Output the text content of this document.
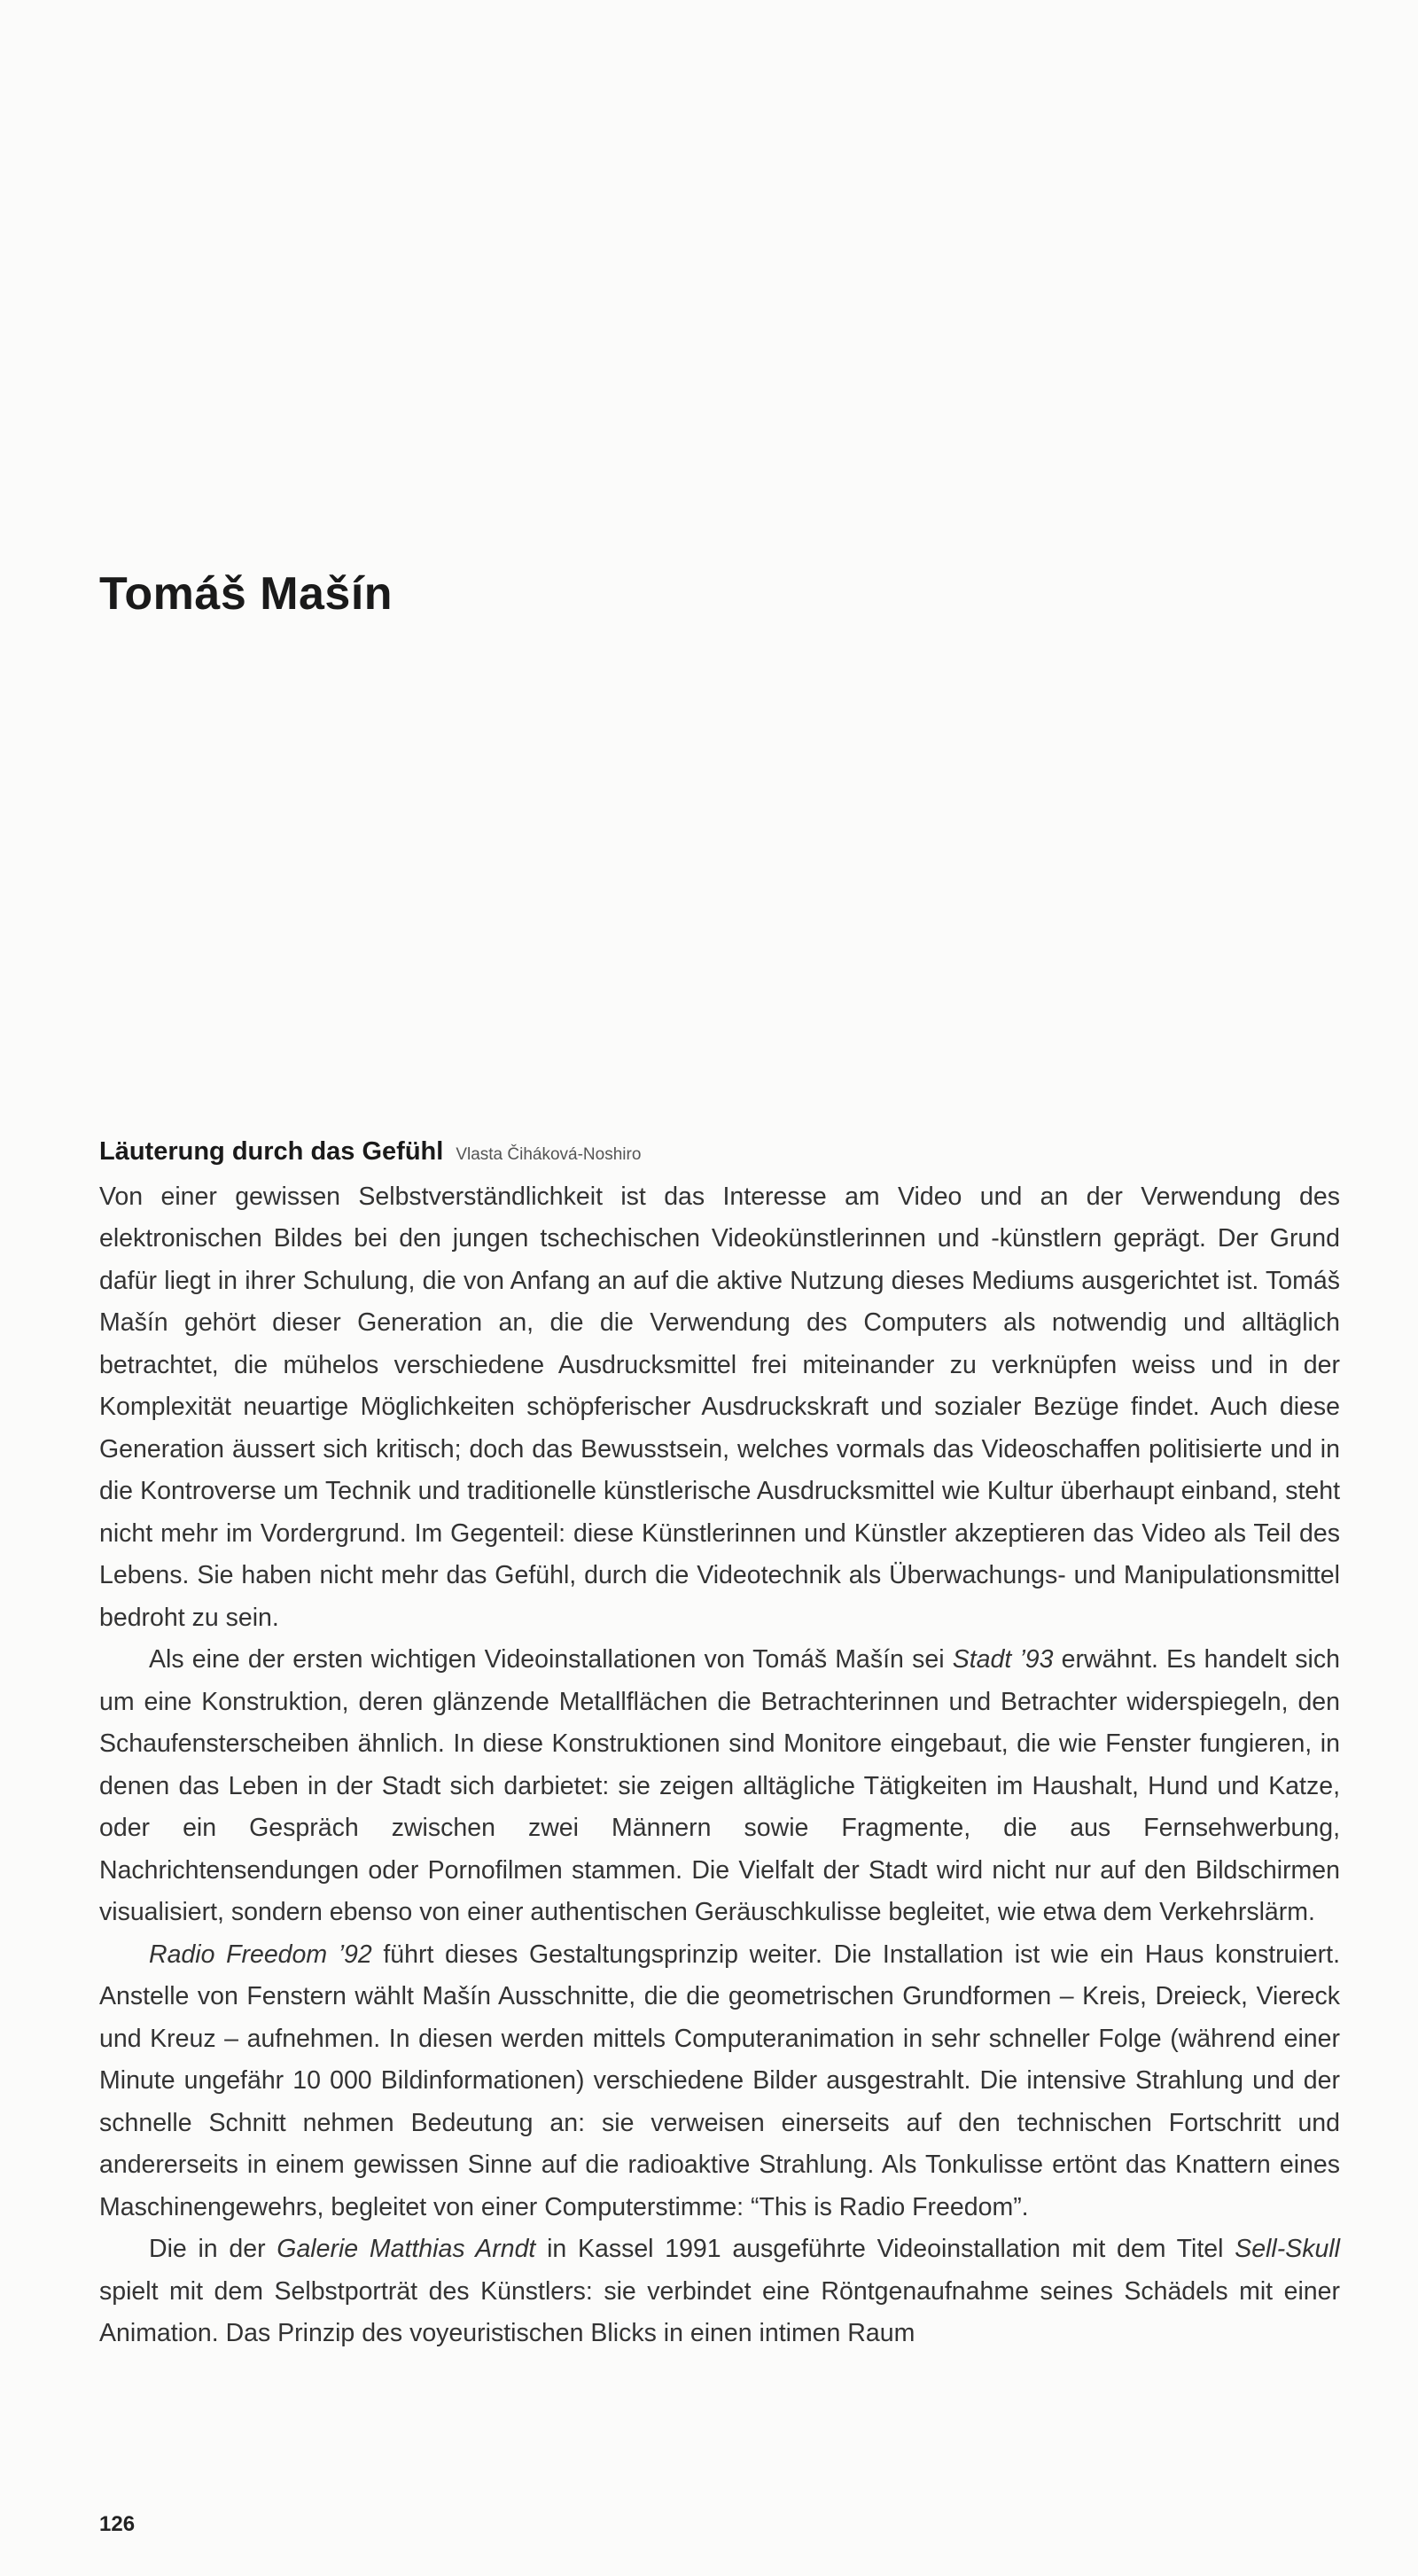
Tomáš Mašín

Läuterung durch das Gefühl Vlasta Čiháková-Noshiro

Von einer gewissen Selbstverständlichkeit ist das Interesse am Video und an der Verwendung des elektronischen Bildes bei den jungen tschechischen Videokünstlerinnen und -künstlern geprägt. Der Grund dafür liegt in ihrer Schulung, die von Anfang an auf die aktive Nutzung dieses Mediums ausgerichtet ist. Tomáš Mašín gehört dieser Generation an, die die Verwendung des Computers als notwendig und alltäglich betrachtet, die mühelos verschiedene Ausdrucksmittel frei miteinander zu verknüpfen weiss und in der Komplexität neuartige Möglichkeiten schöpferischer Ausdruckskraft und sozialer Bezüge findet. Auch diese Generation äussert sich kritisch; doch das Bewusstsein, welches vormals das Videoschaffen politisierte und in die Kontroverse um Technik und traditionelle künstlerische Ausdrucksmittel wie Kultur überhaupt einband, steht nicht mehr im Vordergrund. Im Gegenteil: diese Künstlerinnen und Künstler akzeptieren das Video als Teil des Lebens. Sie haben nicht mehr das Gefühl, durch die Videotechnik als Überwachungs- und Manipulationsmittel bedroht zu sein.

Als eine der ersten wichtigen Videoinstallationen von Tomáš Mašín sei Stadt ’93 erwähnt. Es handelt sich um eine Konstruktion, deren glänzende Metallflächen die Betrachterinnen und Betrachter widerspiegeln, den Schaufensterscheiben ähnlich. In diese Konstruktionen sind Monitore eingebaut, die wie Fenster fungieren, in denen das Leben in der Stadt sich darbietet: sie zeigen alltägliche Tätigkeiten im Haushalt, Hund und Katze, oder ein Gespräch zwischen zwei Männern sowie Fragmente, die aus Fernsehwerbung, Nachrichtensendungen oder Pornofilmen stammen. Die Vielfalt der Stadt wird nicht nur auf den Bildschirmen visualisiert, sondern ebenso von einer authentischen Geräuschkulisse begleitet, wie etwa dem Verkehrslärm.

Radio Freedom ’92 führt dieses Gestaltungsprinzip weiter. Die Installation ist wie ein Haus konstruiert. Anstelle von Fenstern wählt Mašín Ausschnitte, die die geometrischen Grundformen – Kreis, Dreieck, Viereck und Kreuz – aufnehmen. In diesen werden mittels Computeranimation in sehr schneller Folge (während einer Minute ungefähr 10 000 Bildinformationen) verschiedene Bilder ausgestrahlt. Die intensive Strahlung und der schnelle Schnitt nehmen Bedeutung an: sie verweisen einerseits auf den technischen Fortschritt und andererseits in einem gewissen Sinne auf die radioaktive Strahlung. Als Tonkulisse ertönt das Knattern eines Maschinengewehrs, begleitet von einer Computerstimme: “This is Radio Freedom”.

Die in der Galerie Matthias Arndt in Kassel 1991 ausgeführte Videoinstallation mit dem Titel Sell-Skull spielt mit dem Selbstporträt des Künstlers: sie verbindet eine Röntgenaufnahme seines Schädels mit einer Animation. Das Prinzip des voyeuristischen Blicks in einen intimen Raum

126
